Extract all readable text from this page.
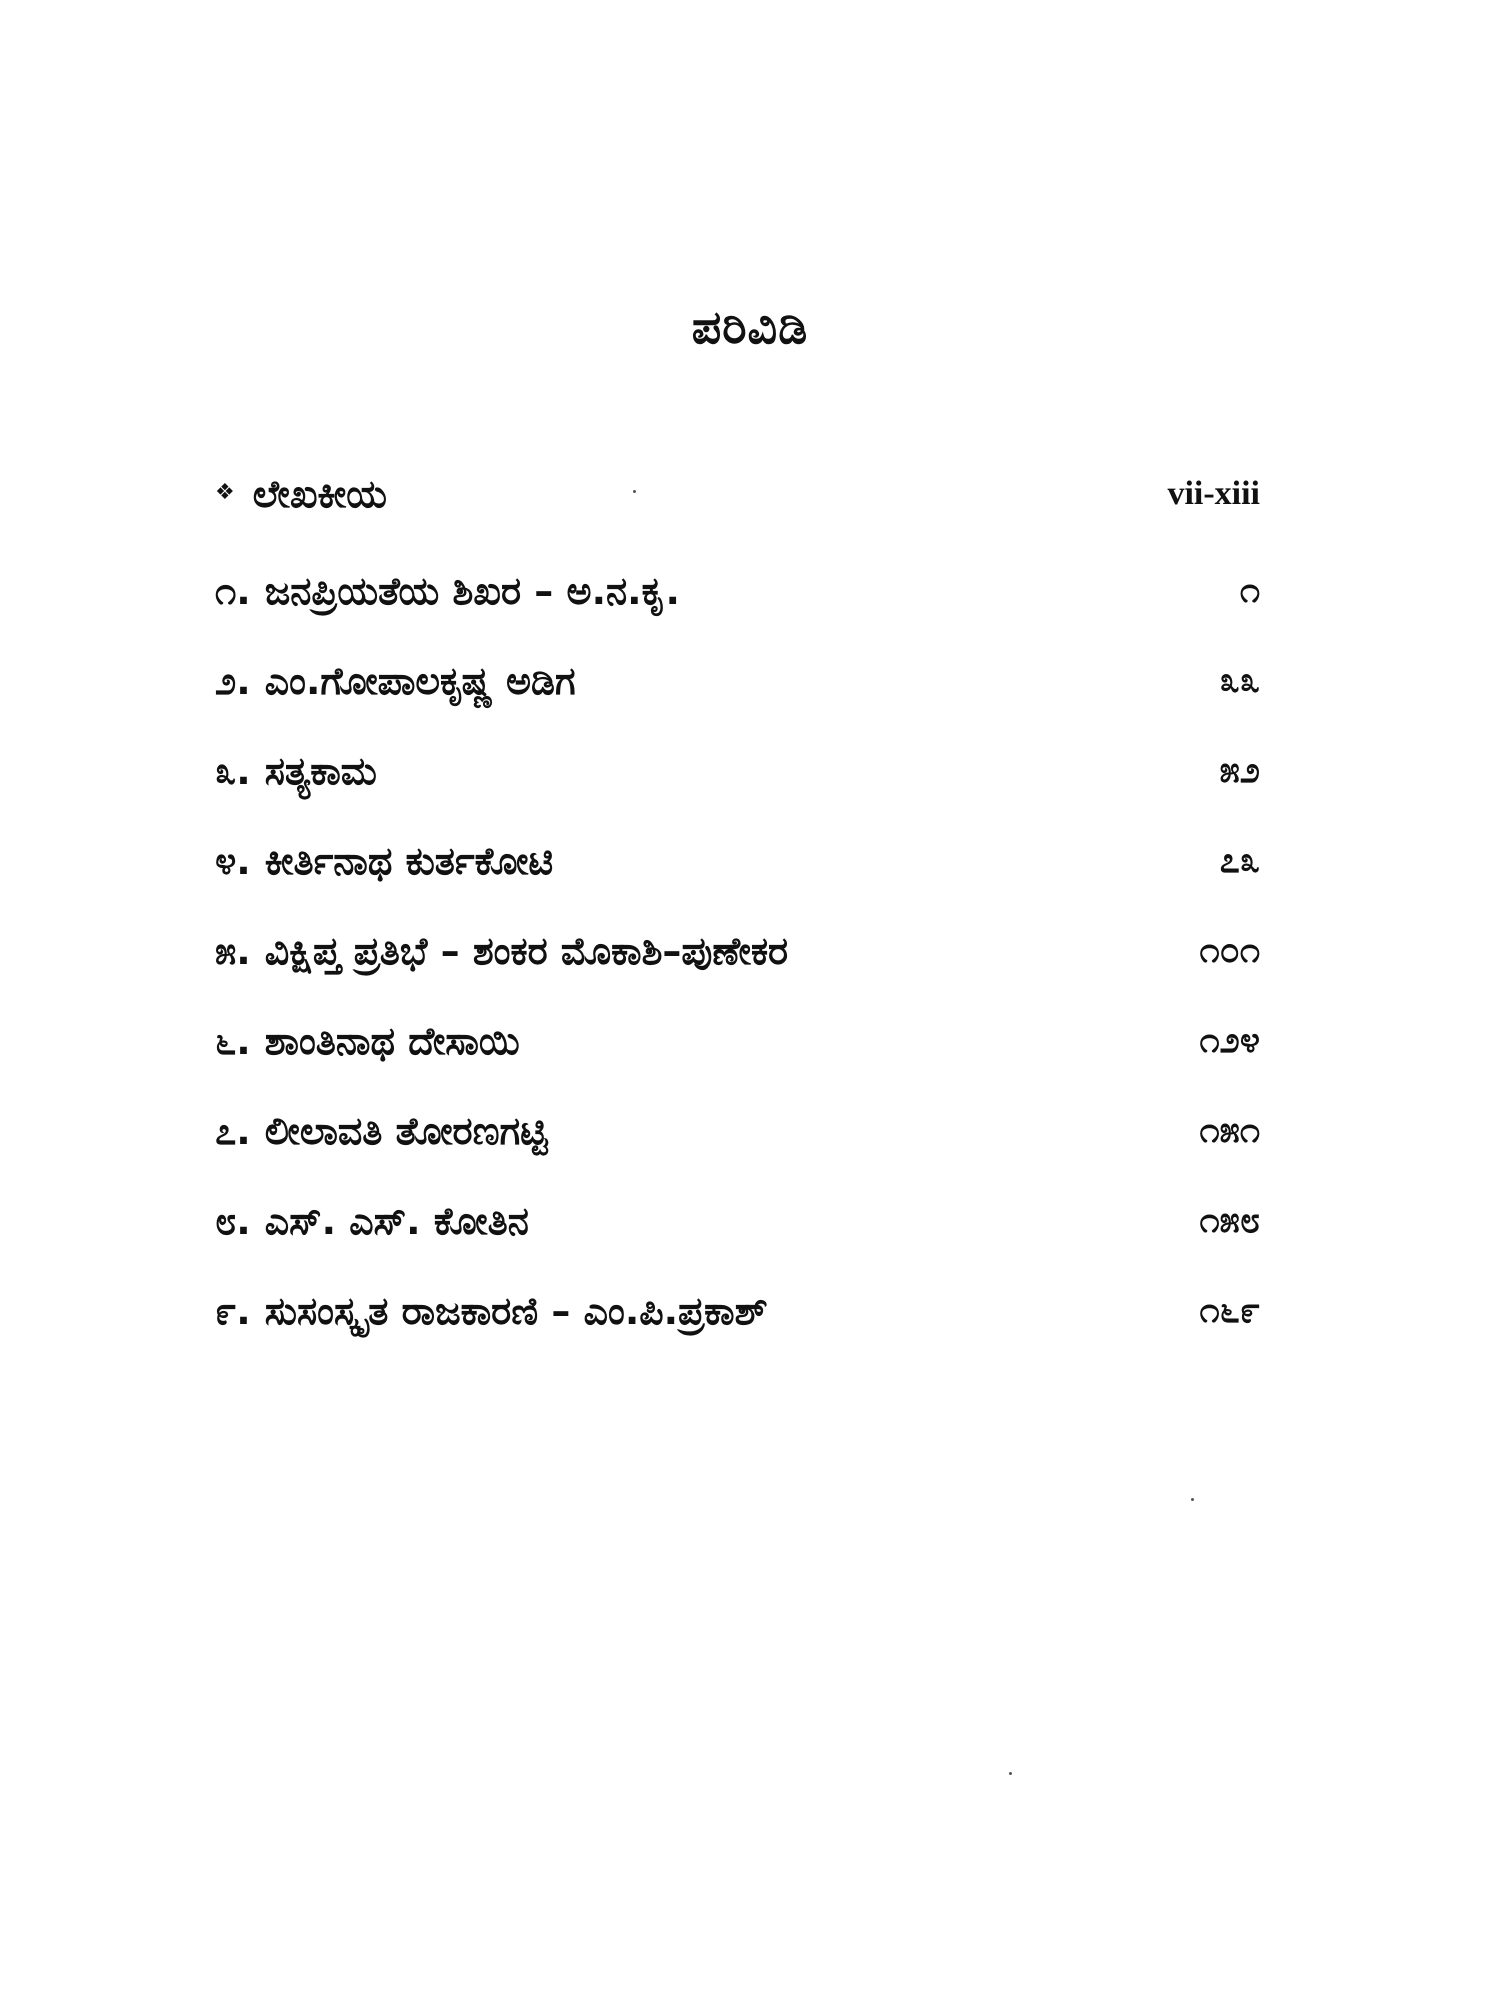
ಪರಿವಿಡಿ
❖ ಲೇಖಕೀಯ	vii-xiii
೧. ಜನಪ್ರಿಯತೆಯ ಶಿಖರ – ಅ.ನ.ಕೃ.	೧
೨. ಎಂ.ಗೋಪಾಲಕೃಷ್ಣ ಅಡಿಗ	೩೩
೩. ಸತ್ಯಕಾಮ	೫೨
೪. ಕೀರ್ತಿನಾಥ ಕುರ್ತಕೋಟಿ	೭೩
೫. ವಿಕ್ಷಿಪ್ತ ಪ್ರತಿಭೆ – ಶಂಕರ ಮೊಕಾಶಿ–ಪುಣೇಕರ	೧೦೧
೬. ಶಾಂತಿನಾಥ ದೇಸಾಯಿ	೧೨೪
೭. ಲೀಲಾವತಿ ತೋರಣಗಟ್ಟಿ	೧೫೧
೮. ಎಸ್. ಎಸ್. ಕೋತಿನ	೧೫೮
೯. ಸುಸಂಸ್ಕೃತ ರಾಜಕಾರಣಿ – ಎಂ.ಪಿ.ಪ್ರಕಾಶ್	೧೬೯
